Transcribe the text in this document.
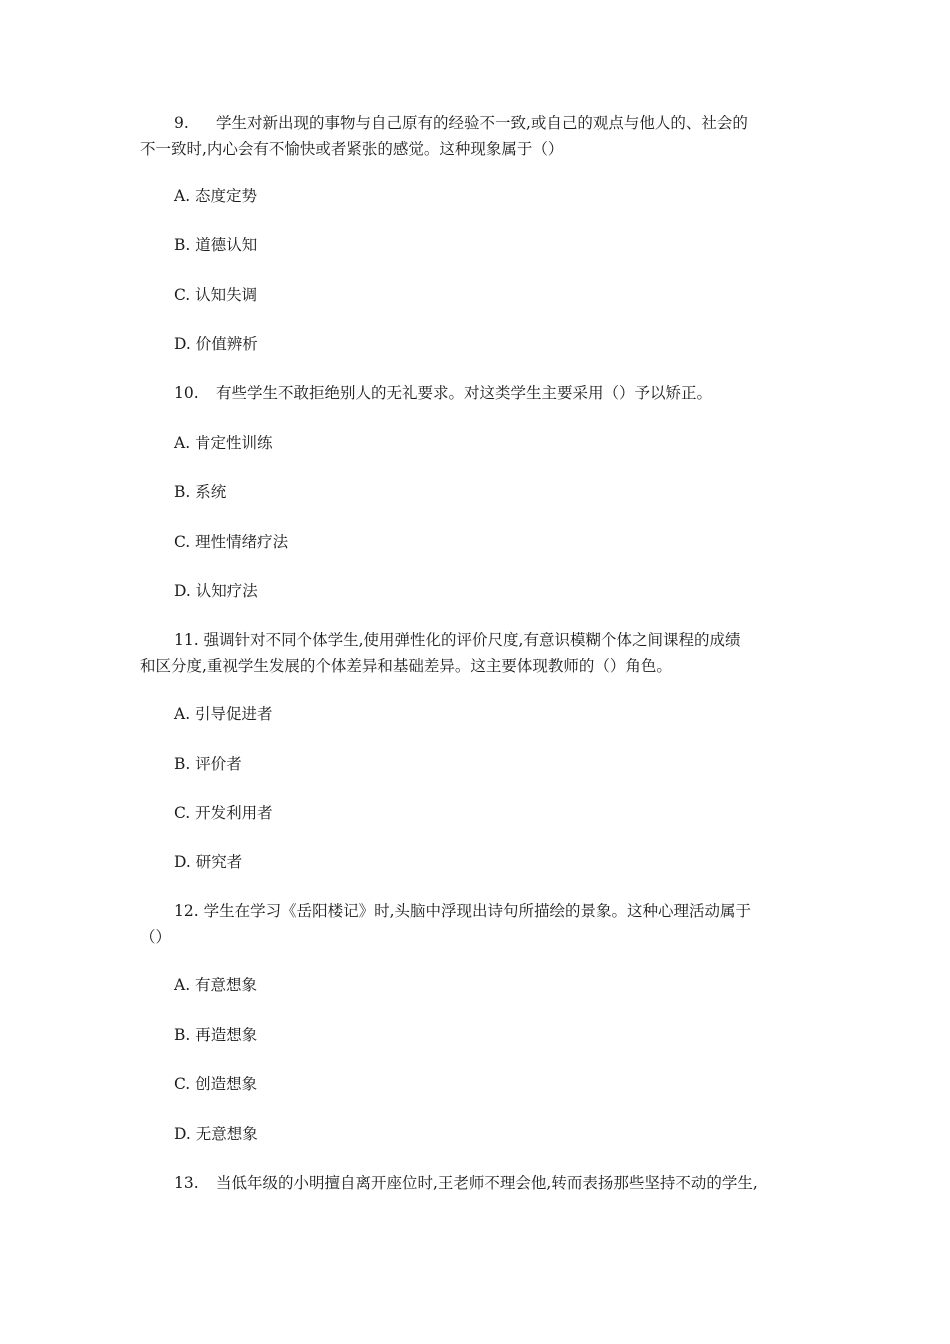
9. 学生对新出现的事物与自己原有的经验不一致,或自己的观点与他人的、社会的
不一致时,内心会有不愉快或者紧张的感觉。这种现象属于（）
A. 态度定势
B. 道德认知
C. 认知失调
D. 价值辨析
10. 有些学生不敢拒绝别人的无礼要求。对这类学生主要采用（）予以矫正。
A. 肯定性训练
B. 系统
C. 理性情绪疗法
D. 认知疗法
11. 强调针对不同个体学生,使用弹性化的评价尺度,有意识模糊个体之间课程的成绩
和区分度,重视学生发展的个体差异和基础差异。这主要体现教师的（）角色。
A. 引导促进者
B. 评价者
C. 开发利用者
D. 研究者
12. 学生在学习《岳阳楼记》时,头脑中浮现出诗句所描绘的景象。这种心理活动属于
（）
A. 有意想象
B. 再造想象
C. 创造想象
D. 无意想象
13. 当低年级的小明擅自离开座位时,王老师不理会他,转而表扬那些坚持不动的学生,
